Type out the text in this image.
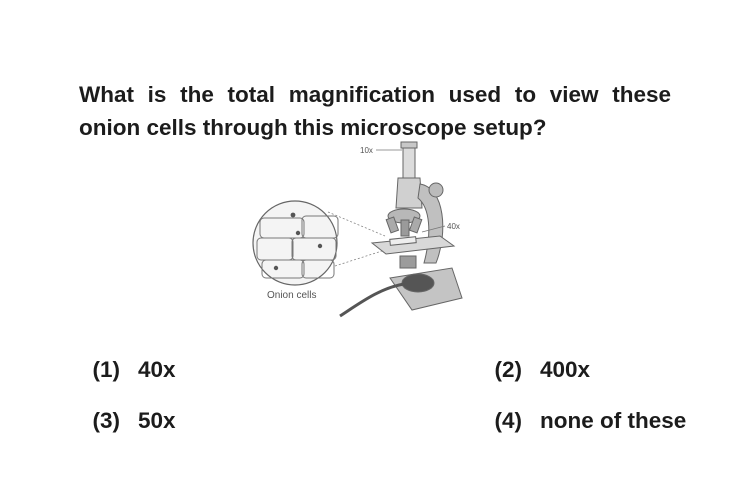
What is the total magnification used to view these onion cells through this microscope setup?
Onion cells
10x
40x

(1) 40x	(2) 400x

(3) 50x	(4) none of these
